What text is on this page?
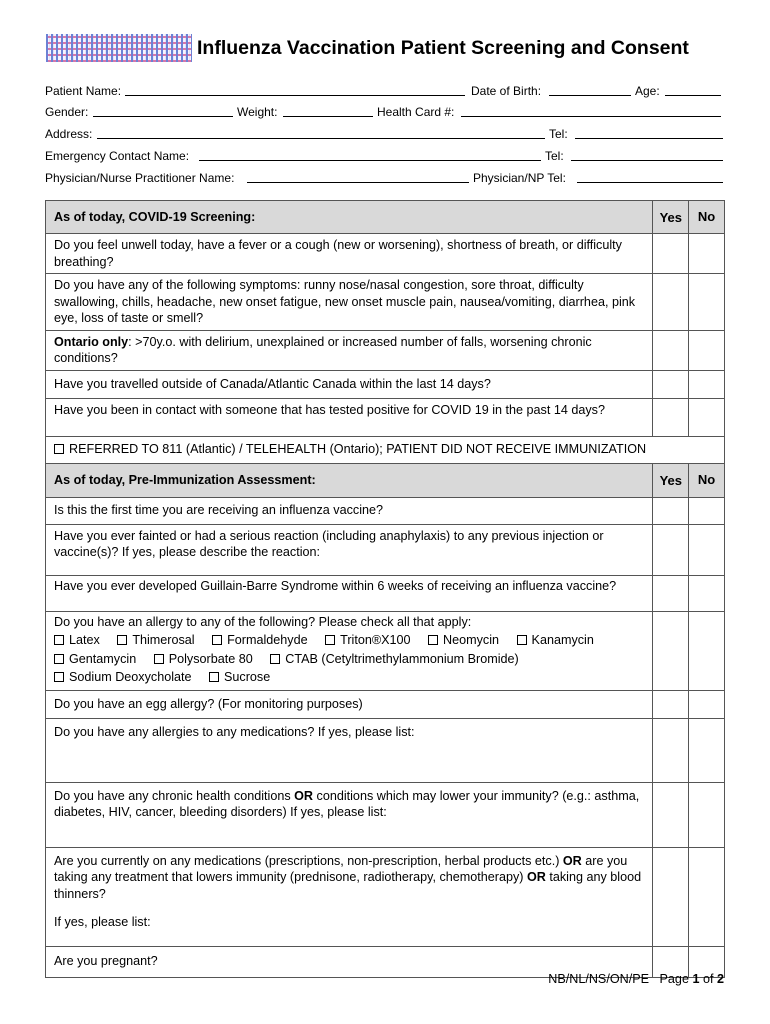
Influenza Vaccination Patient Screening and Consent
Patient Name:	Date of Birth:	Age:
Gender:	Weight:	Health Card #:
Address:	Tel:
Emergency Contact Name:	Tel:
Physician/Nurse Practitioner Name:	Physician/NP Tel:
As of today, COVID-19 Screening:	Yes	No
Do you feel unwell today, have a fever or a cough (new or worsening), shortness of breath, or difficulty breathing?		
Do you have any of the following symptoms: runny nose/nasal congestion, sore throat, difficulty swallowing, chills, headache, new onset fatigue, new onset muscle pain, nausea/vomiting, diarrhea, pink eye, loss of taste or smell?		
Ontario only: >70y.o. with delirium, unexplained or increased number of falls, worsening chronic conditions?		
Have you travelled outside of Canada/Atlantic Canada within the last 14 days?		
Have you been in contact with someone that has tested positive for COVID 19 in the past 14 days?		
REFERRED TO 811 (Atlantic) / TELEHEALTH (Ontario); PATIENT DID NOT RECEIVE IMMUNIZATION		
As of today, Pre-Immunization Assessment:	Yes	No
Is this the first time you are receiving an influenza vaccine?		
Have you ever fainted or had a serious reaction (including anaphylaxis) to any previous injection or vaccine(s)? If yes, please describe the reaction:		
Have you ever developed Guillain-Barre Syndrome within 6 weeks of receiving an influenza vaccine?		

Do you have an allergy to any of the following? Please check all that apply:
Latex Thimerosal Formaldehyde Triton®X100 Neomycin Kanamycin
Gentamycin Polysorbate 80 CTAB (Cetyltrimethylammonium Bromide)
Sodium Deoxycholate Sucrose		

Do you have an egg allergy? (For monitoring purposes)		
Do you have any allergies to any medications? If yes, please list:		
Do you have any chronic health conditions OR conditions which may lower your immunity? (e.g.: asthma, diabetes, HIV, cancer, bleeding disorders) If yes, please list:		

Are you currently on any medications (prescriptions, non-prescription, herbal products etc.) OR are you taking any treatment that lowers immunity (prednisone, radiotherapy, chemotherapy) OR taking any blood thinners?
If yes, please list:		

Are you pregnant?		
NB/NL/NS/ON/PE Page 1 of 2
